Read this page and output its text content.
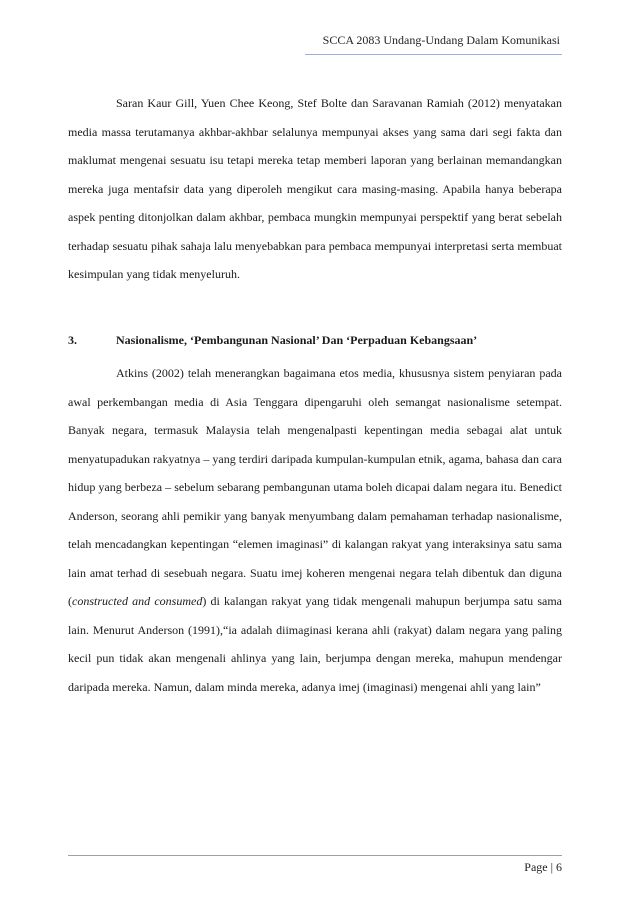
SCCA 2083 Undang-Undang Dalam Komunikasi

Saran Kaur Gill, Yuen Chee Keong, Stef Bolte dan Saravanan Ramiah (2012) menyatakan media massa terutamanya akhbar-akhbar selalunya mempunyai akses yang sama dari segi fakta dan maklumat mengenai sesuatu isu tetapi mereka tetap memberi laporan yang berlainan memandangkan mereka juga mentafsir data yang diperoleh mengikut cara masing-masing. Apabila hanya beberapa aspek penting ditonjolkan dalam akhbar, pembaca mungkin mempunyai perspektif yang berat sebelah terhadap sesuatu pihak sahaja lalu menyebabkan para pembaca mempunyai interpretasi serta membuat kesimpulan yang tidak menyeluruh.

3.	Nasionalisme, ‘Pembangunan Nasional’ Dan ‘Perpaduan Kebangsaan’

Atkins (2002) telah menerangkan bagaimana etos media, khususnya sistem penyiaran pada awal perkembangan media di Asia Tenggara dipengaruhi oleh semangat nasionalisme setempat. Banyak negara, termasuk Malaysia telah mengenalpasti kepentingan media sebagai alat untuk menyatupadukan rakyatnya – yang terdiri daripada kumpulan-kumpulan etnik, agama, bahasa dan cara hidup yang berbeza – sebelum sebarang pembangunan utama boleh dicapai dalam negara itu. Benedict Anderson, seorang ahli pemikir yang banyak menyumbang dalam pemahaman terhadap nasionalisme, telah mencadangkan kepentingan “elemen imaginasi” di kalangan rakyat yang interaksinya satu sama lain amat terhad di sesebuah negara. Suatu imej koheren mengenai negara telah dibentuk dan diguna (constructed and consumed) di kalangan rakyat yang tidak mengenali mahupun berjumpa satu sama lain. Menurut Anderson (1991),“ia adalah diimaginasi kerana ahli (rakyat) dalam negara yang paling kecil pun tidak akan mengenali ahlinya yang lain, berjumpa dengan mereka, mahupun mendengar daripada mereka. Namun, dalam minda mereka, adanya imej (imaginasi) mengenai ahli yang lain”

Page | 6
